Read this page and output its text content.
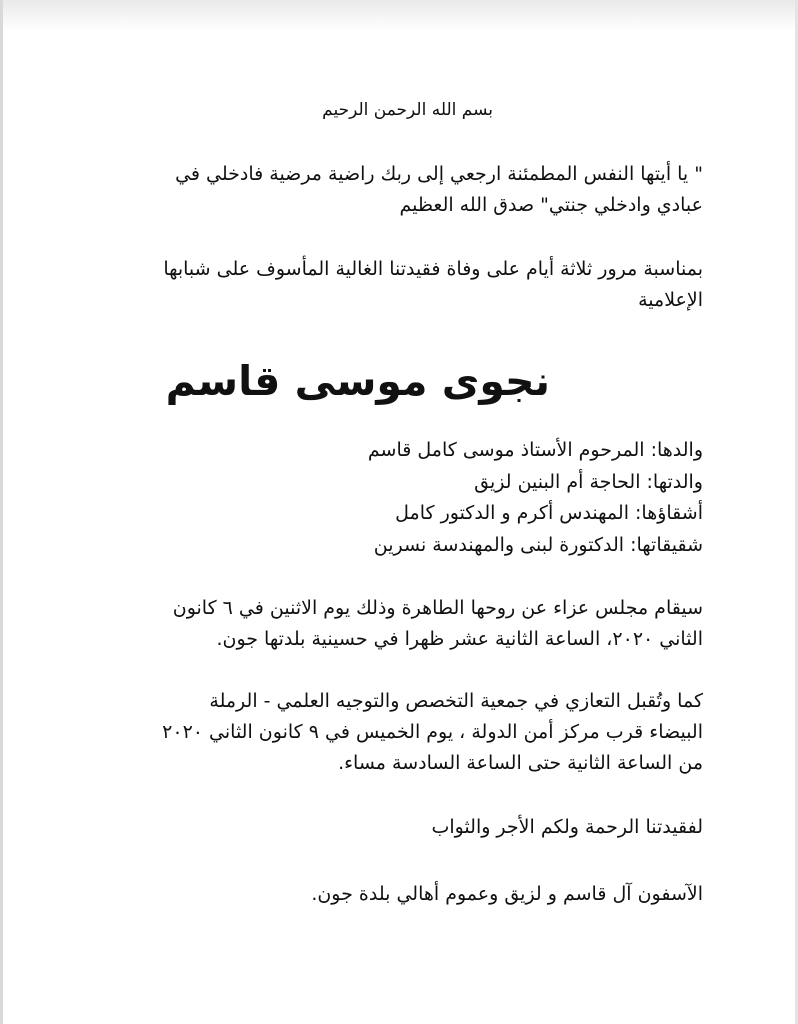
بسم الله الرحمن الرحيم

" يا أيتها النفس المطمئنة ارجعي إلى ربك راضية مرضية فادخلي في
عبادي وادخلي جنتي" صدق الله العظيم

بمناسبة مرور ثلاثة أيام على وفاة فقيدتنا الغالية المأسوف على شبابها
الإعلامية

نجوى موسى قاسم

والدها: المرحوم الأستاذ موسى كامل قاسم
والدتها: الحاجة أم البنين لزيق
أشقاؤها: المهندس أكرم و الدكتور كامل
شقيقاتها: الدكتورة لبنى والمهندسة نسرين

سيقام مجلس عزاء عن روحها الطاهرة وذلك يوم الاثنين في ٦ كانون
الثاني ٢٠٢٠، الساعة الثانية عشر ظهرا في حسينية بلدتها جون.

كما وتُقبل التعازي في جمعية التخصص والتوجيه العلمي - الرملة
البيضاء قرب مركز أمن الدولة ، يوم الخميس في ٩ كانون الثاني ٢٠٢٠
من الساعة الثانية حتى الساعة السادسة مساء.

لفقيدتنا الرحمة ولكم الأجر والثواب

الآسفون آل قاسم و لزيق وعموم أهالي بلدة جون.
